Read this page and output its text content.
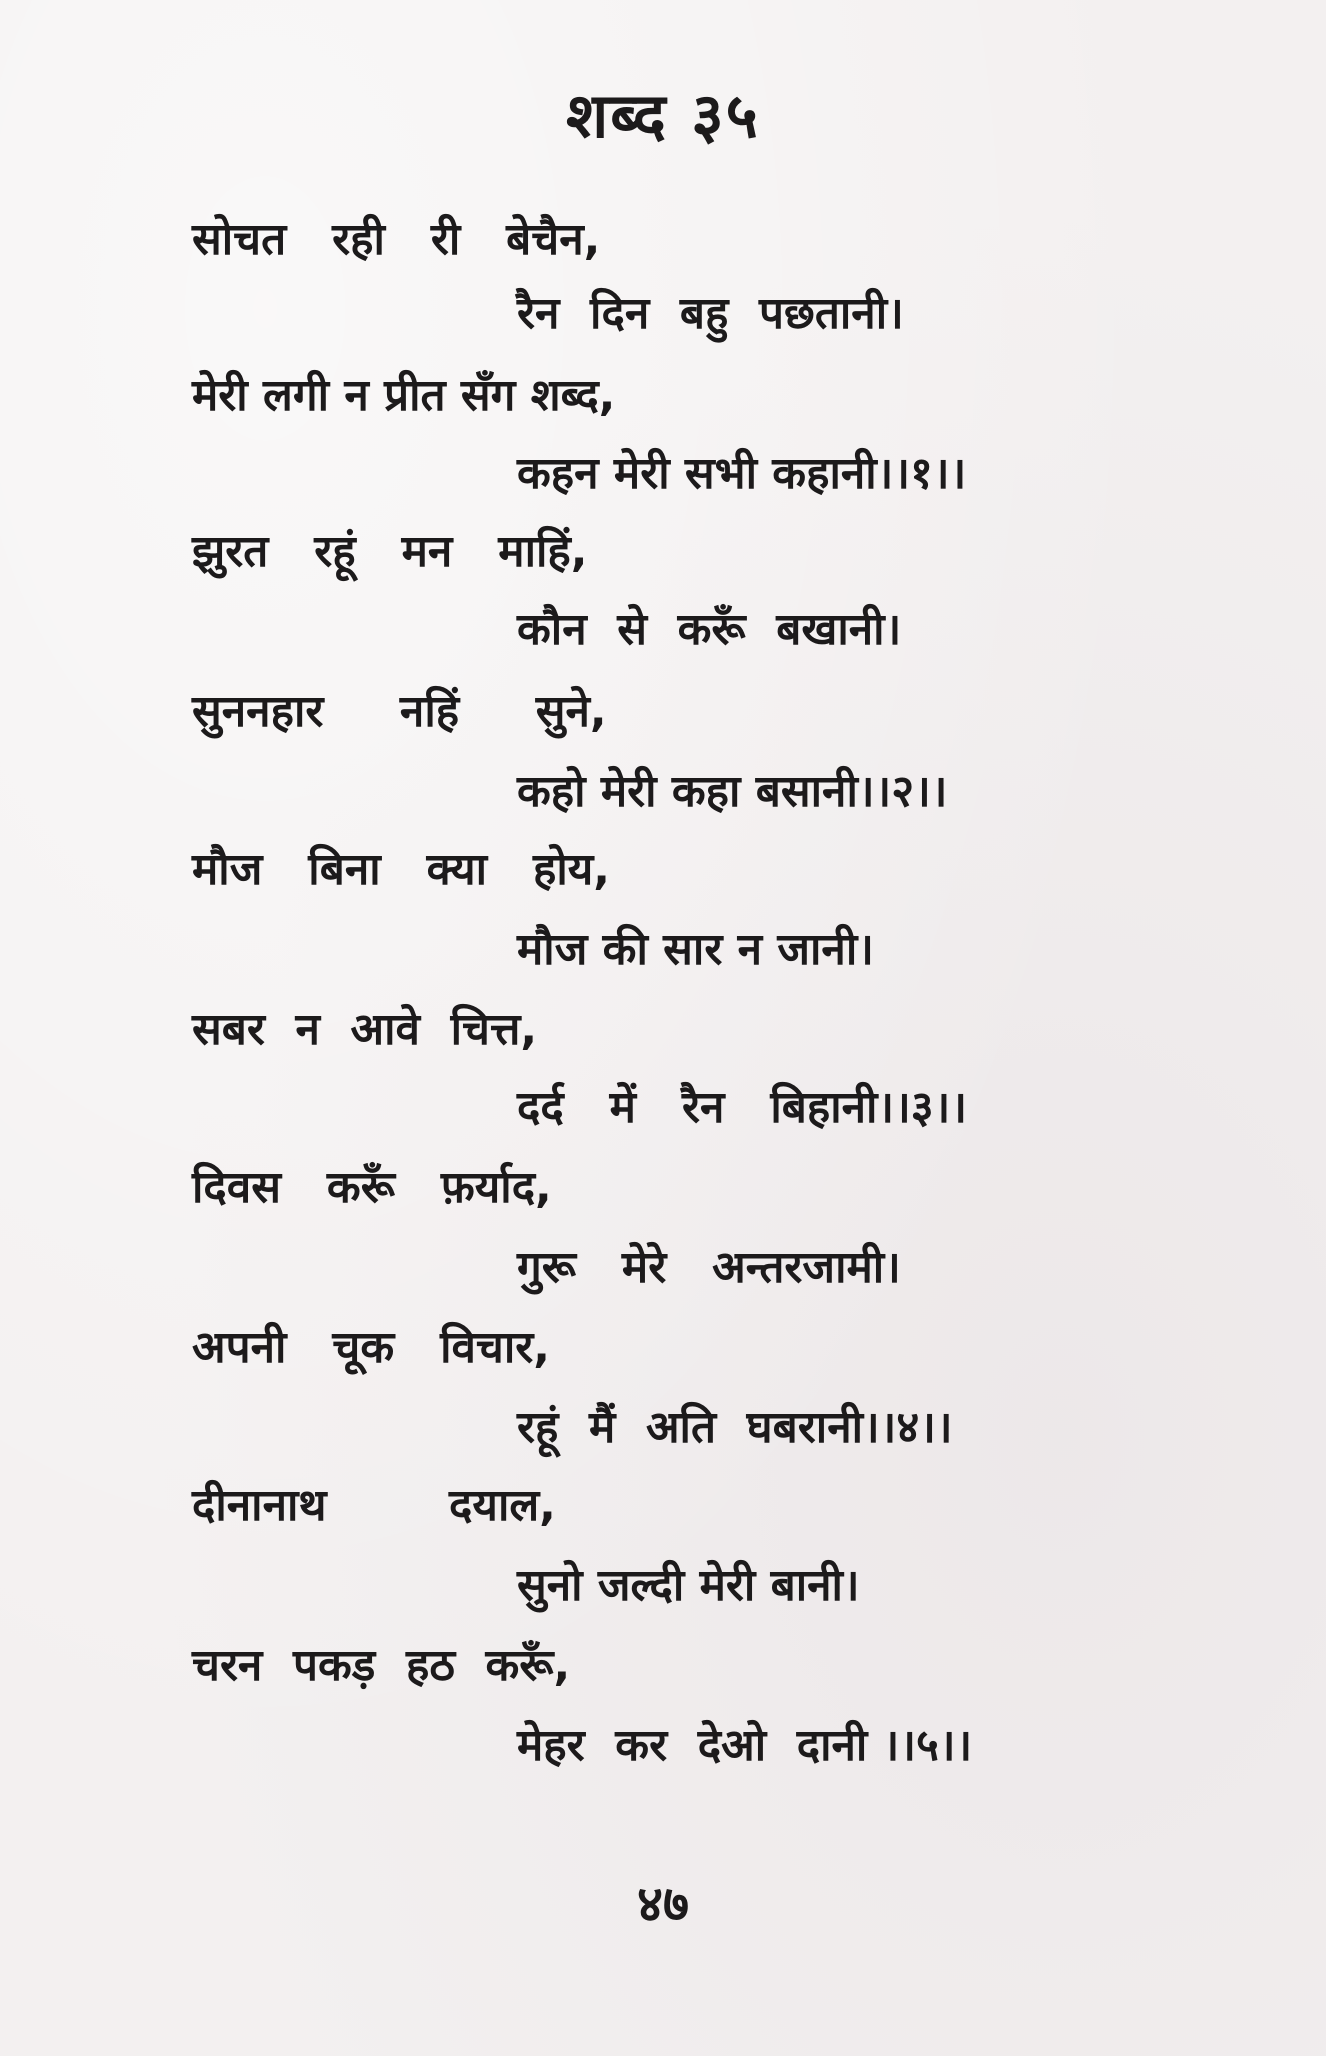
शब्द ३५
सोचत   रही   री   बेचैन,
रैन  दिन  बहु  पछतानी।
मेरी लगी न प्रीत सँग शब्द,
कहन मेरी सभी कहानी।।१।।
झुरत   रहूं   मन   माहिं,
कौन  से  करूँ  बखानी।
सुननहार     नहिं     सुने,
कहो मेरी कहा बसानी।।२।।
मौज   बिना   क्या   होय,
मौज की सार न जानी।
सबर  न  आवे  चित्त,
दर्द   में   रैन   बिहानी।।३।।
दिवस   करूँ   फ़र्याद,
गुरू   मेरे   अन्तरजामी।
अपनी   चूक   विचार,
रहूं  मैं  अति  घबरानी।।४।।
दीनानाथ        दयाल,
सुनो जल्दी मेरी बानी।
चरन  पकड़  हठ  करूँ,
मेहर  कर  देओ  दानी ।।५।।
४७
